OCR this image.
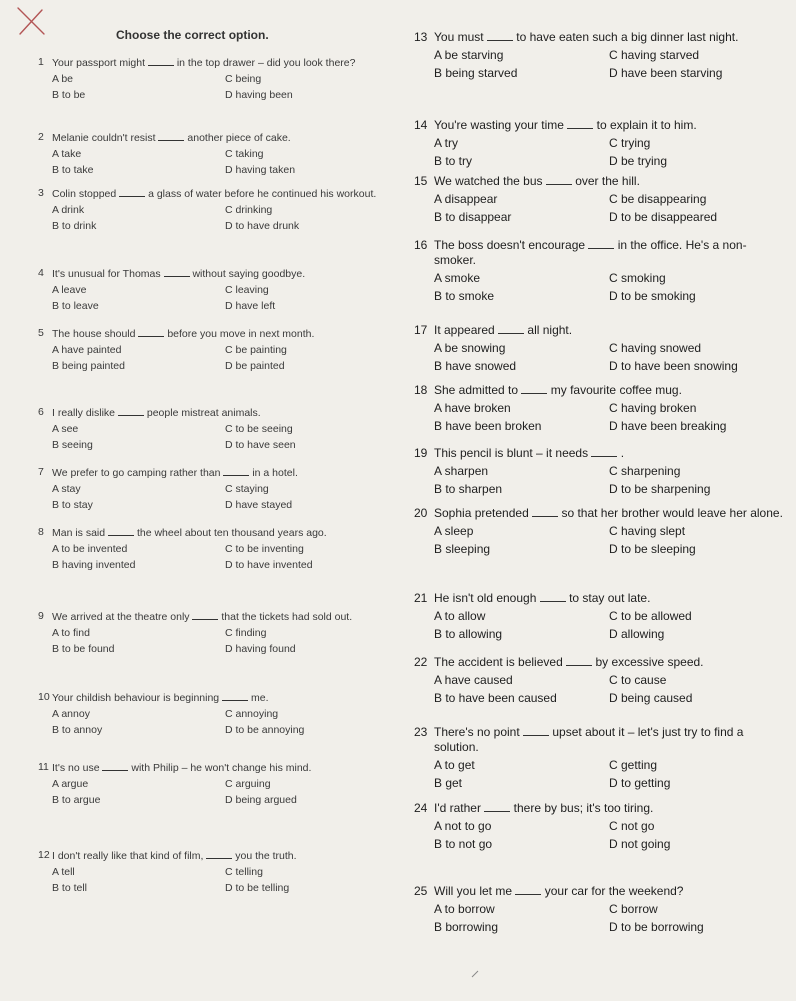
Choose the correct option.
1 Your passport might	in the top drawer – did you look there?
A be	C being
B to be	D having been
2 Melanie couldn't resist	another piece of cake.
A take	C taking
B to take	D having taken
3 Colin stopped	a glass of water before he continued his workout.
A drink	C drinking
B to drink	D to have drunk
4 It's unusual for Thomas	without saying goodbye.
A leave	C leaving
B to leave	D have left
5 The house should	before you move in next month.
A have painted	C be painting
B being painted	D be painted
6 I really dislike	people mistreat animals.
A see	C to be seeing
B seeing	D to have seen
7 We prefer to go camping rather than	in a hotel.
A stay	C staying
B to stay	D have stayed
8 Man is said	the wheel about ten thousand years ago.
A to be invented	C to be inventing
B having invented	D to have invented
9 We arrived at the theatre only	that the tickets had sold out.
A to find	C finding
B to be found	D having found
10 Your childish behaviour is beginning	me.
A annoy	C annoying
B to annoy	D to be annoying
11 It's no use	with Philip – he won't change his mind.
A argue	C arguing
B to argue	D being argued
12 I don't really like that kind of film,	you the truth.
A tell	C telling
B to tell	D to be telling
13 You must	to have eaten such a big dinner last night.
A be starving	C having starved
B being starved	D have been starving
14 You're wasting your time	to explain it to him.
A try	C trying
B to try	D be trying
15 We watched the bus	over the hill.
A disappear	C be disappearing
B to disappear	D to be disappeared
16 The boss doesn't encourage	in the office. He's a non-smoker.
A smoke	C smoking
B to smoke	D to be smoking
17 It appeared	all night.
A be snowing	C having snowed
B have snowed	D to have been snowing
18 She admitted to	my favourite coffee mug.
A have broken	C having broken
B have been broken	D have been breaking
19 This pencil is blunt – it needs	.
A sharpen	C sharpening
B to sharpen	D to be sharpening
20 Sophia pretended	so that her brother would leave her alone.
A sleep	C having slept
B sleeping	D to be sleeping
21 He isn't old enough	to stay out late.
A to allow	C to be allowed
B to allowing	D allowing
22 The accident is believed	by excessive speed.
A have caused	C to cause
B to have been caused	D being caused
23 There's no point	upset about it – let's just try to find a solution.
A to get	C getting
B get	D to getting
24 I'd rather	there by bus; it's too tiring.
A not to go	C not go
B to not go	D not going
25 Will you let me	your car for the weekend?
A to borrow	C borrow
B borrowing	D to be borrowing
